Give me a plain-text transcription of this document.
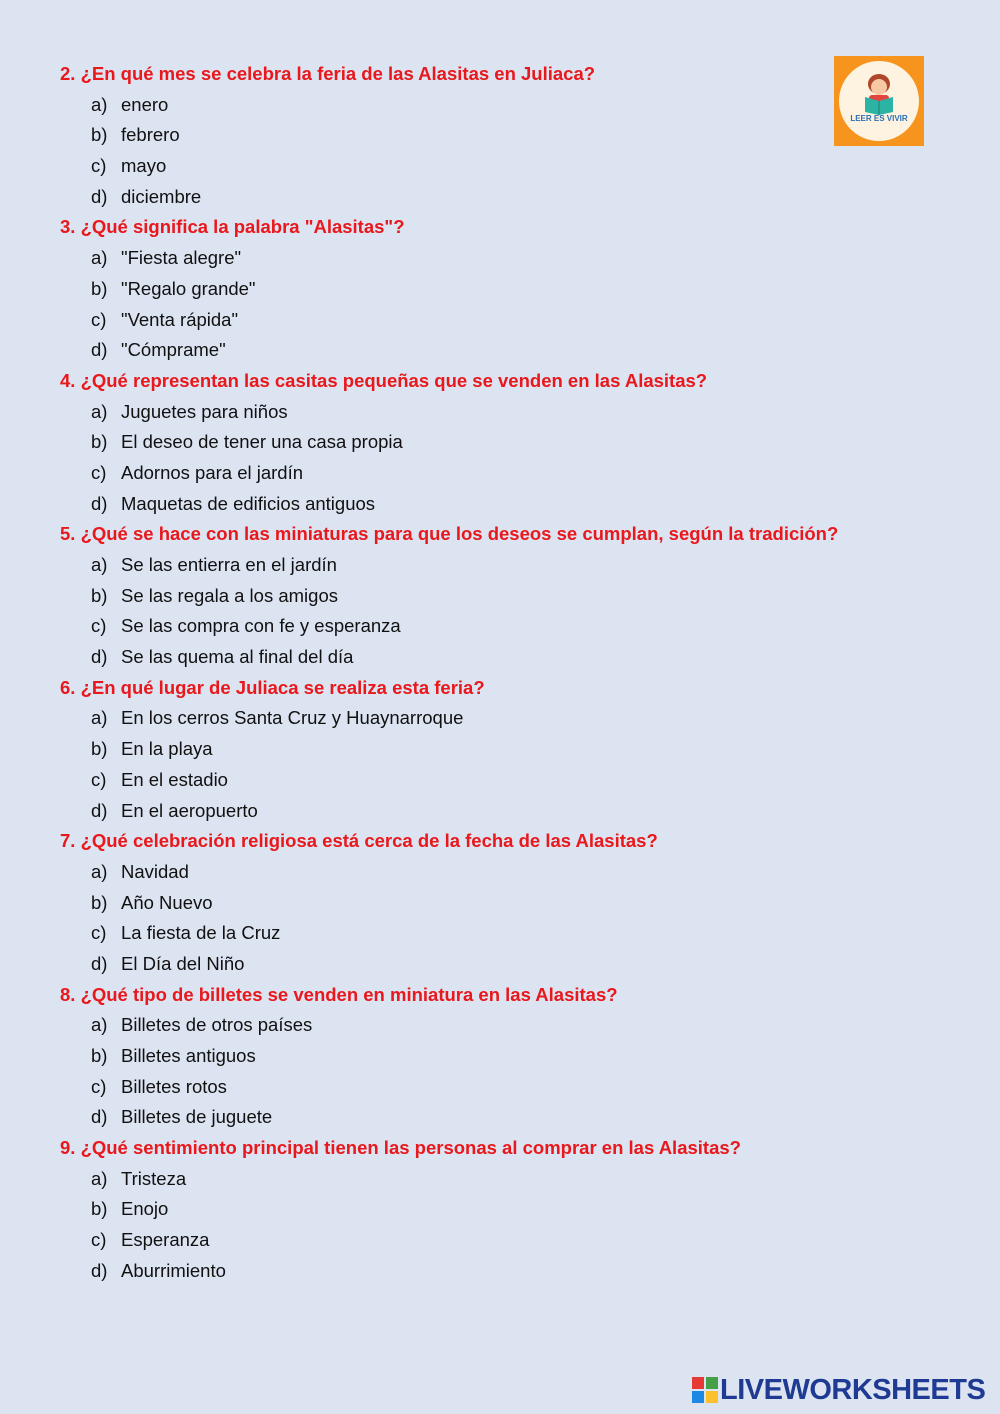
LEER ES VIVIR
2. ¿En qué mes se celebra la feria de las Alasitas en Juliaca?
a) enero
b) febrero
c) mayo
d) diciembre
3. ¿Qué significa la palabra "Alasitas"?
a) "Fiesta alegre"
b) "Regalo grande"
c) "Venta rápida"
d) "Cómprame"
4. ¿Qué representan las casitas pequeñas que se venden en las Alasitas?
a) Juguetes para niños
b) El deseo de tener una casa propia
c) Adornos para el jardín
d) Maquetas de edificios antiguos
5. ¿Qué se hace con las miniaturas para que los deseos se cumplan, según la tradición?
a) Se las entierra en el jardín
b) Se las regala a los amigos
c) Se las compra con fe y esperanza
d) Se las quema al final del día
6. ¿En qué lugar de Juliaca se realiza esta feria?
a) En los cerros Santa Cruz y Huaynarroque
b) En la playa
c) En el estadio
d) En el aeropuerto
7. ¿Qué celebración religiosa está cerca de la fecha de las Alasitas?
a) Navidad
b) Año Nuevo
c) La fiesta de la Cruz
d) El Día del Niño
8. ¿Qué tipo de billetes se venden en miniatura en las Alasitas?
a) Billetes de otros países
b) Billetes antiguos
c) Billetes rotos
d) Billetes de juguete
9. ¿Qué sentimiento principal tienen las personas al comprar en las Alasitas?
a) Tristeza
b) Enojo
c) Esperanza
d) Aburrimiento
LIVEWORKSHEETS
